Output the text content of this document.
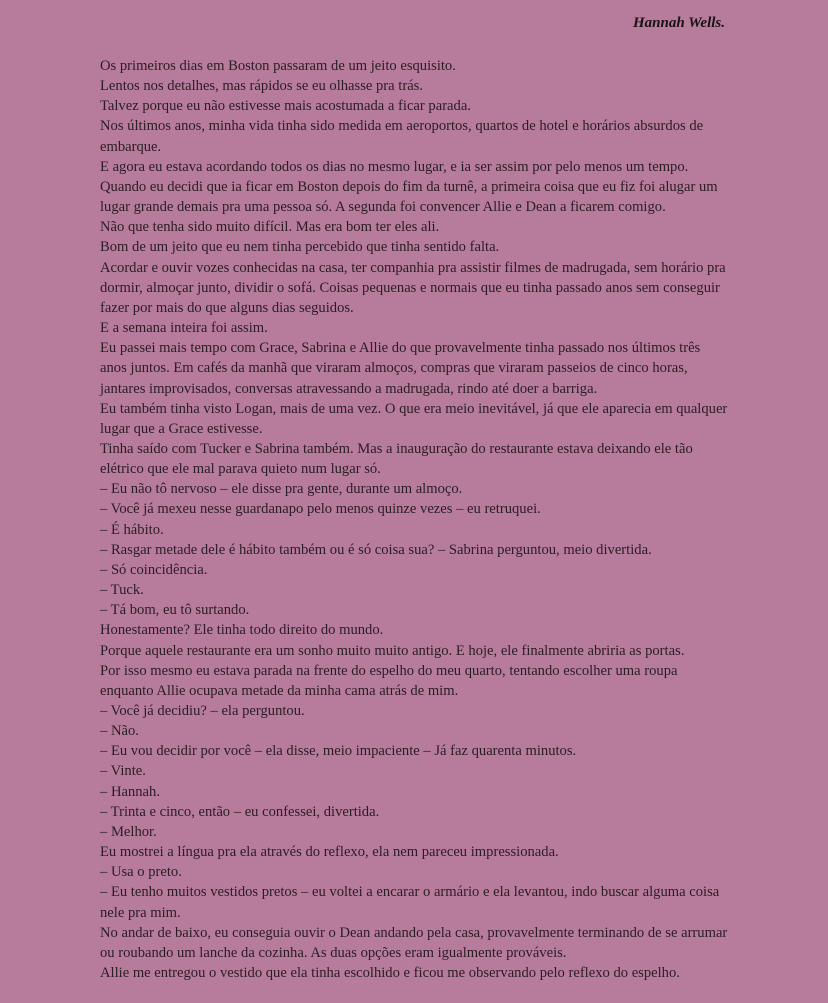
Hannah Wells.

Os primeiros dias em Boston passaram de um jeito esquisito.

Lentos nos detalhes, mas rápidos se eu olhasse pra trás.

Talvez porque eu não estivesse mais acostumada a ficar parada.

Nos últimos anos, minha vida tinha sido medida em aeroportos, quartos de hotel e horários absurdos de embarque.

E agora eu estava acordando todos os dias no mesmo lugar, e ia ser assim por pelo menos um tempo.

Quando eu decidi que ia ficar em Boston depois do fim da turnê, a primeira coisa que eu fiz foi alugar um lugar grande demais pra uma pessoa só. A segunda foi convencer Allie e Dean a ficarem comigo.

Não que tenha sido muito difícil. Mas era bom ter eles ali.

Bom de um jeito que eu nem tinha percebido que tinha sentido falta.

Acordar e ouvir vozes conhecidas na casa, ter companhia pra assistir filmes de madrugada, sem horário pra dormir, almoçar junto, dividir o sofá. Coisas pequenas e normais que eu tinha passado anos sem conseguir fazer por mais do que alguns dias seguidos.

E a semana inteira foi assim.

Eu passei mais tempo com Grace, Sabrina e Allie do que provavelmente tinha passado nos últimos três anos juntos. Em cafés da manhã que viraram almoços, compras que viraram passeios de cinco horas, jantares improvisados, conversas atravessando a madrugada, rindo até doer a barriga.

Eu também tinha visto Logan, mais de uma vez. O que era meio inevitável, já que ele aparecia em qualquer lugar que a Grace estivesse.

Tinha saído com Tucker e Sabrina também. Mas a inauguração do restaurante estava deixando ele tão elétrico que ele mal parava quieto num lugar só.

– Eu não tô nervoso – ele disse pra gente, durante um almoço.

– Você já mexeu nesse guardanapo pelo menos quinze vezes – eu retruquei.

– É hábito.

– Rasgar metade dele é hábito também ou é só coisa sua? – Sabrina perguntou, meio divertida.

– Só coincidência.

– Tuck.

– Tá bom, eu tô surtando.

Honestamente? Ele tinha todo direito do mundo.

Porque aquele restaurante era um sonho muito muito antigo. E hoje, ele finalmente abriria as portas.

Por isso mesmo eu estava parada na frente do espelho do meu quarto, tentando escolher uma roupa enquanto Allie ocupava metade da minha cama atrás de mim.

– Você já decidiu? – ela perguntou.

– Não.

– Eu vou decidir por você – ela disse, meio impaciente – Já faz quarenta minutos.

– Vinte.

– Hannah.

– Trinta e cinco, então – eu confessei, divertida.

– Melhor.

Eu mostrei a língua pra ela através do reflexo, ela nem pareceu impressionada.

– Usa o preto.

– Eu tenho muitos vestidos pretos – eu voltei a encarar o armário e ela levantou, indo buscar alguma coisa nele pra mim.

No andar de baixo, eu conseguia ouvir o Dean andando pela casa, provavelmente terminando de se arrumar ou roubando um lanche da cozinha. As duas opções eram igualmente prováveis.

Allie me entregou o vestido que ela tinha escolhido e ficou me observando pelo reflexo do espelho.
